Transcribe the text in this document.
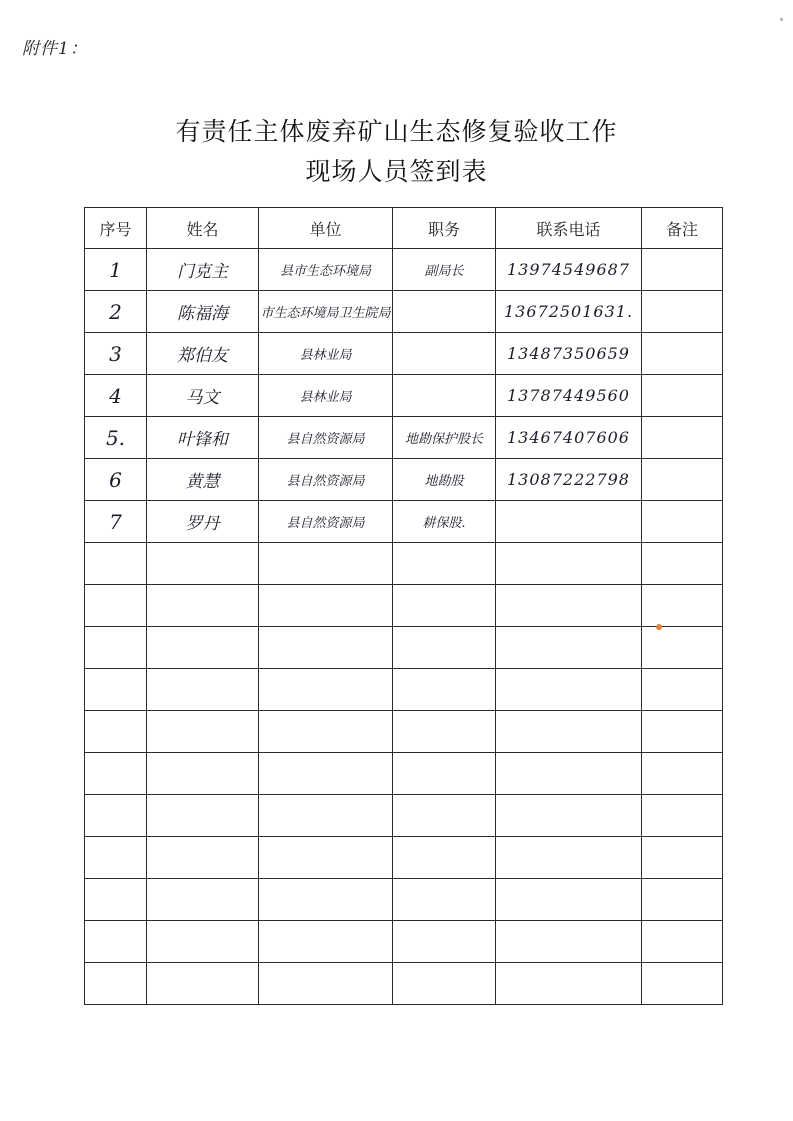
附件1：
有责任主体废弃矿山生态修复验收工作
现场人员签到表
序号	姓名	单位	职务	联系电话	备注
1	门克主	县市生态环境局	副局长	13974549687	
2	陈福海	市生态环境局卫生院局		13672501631.	
3	郑伯友	县林业局		13487350659	
4	马文	县林业局		13787449560	
5.	叶锋和	县自然资源局	地勘保护股长	13467407606	
6	黄慧	县自然资源局	地勘股	13087222798	
7	罗丹	县自然资源局	耕保股.		
